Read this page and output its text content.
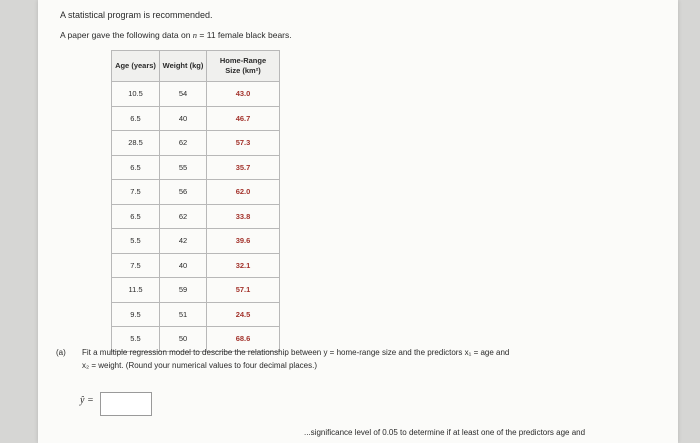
A statistical program is recommended.
A paper gave the following data on n = 11 female black bears.
Age (years)	Weight (kg)	Home-Range
Size (km²)
10.5	54	43.0
6.5	40	46.7
28.5	62	57.3
6.5	55	35.7
7.5	56	62.0
6.5	62	33.8
5.5	42	39.6
7.5	40	32.1
11.5	59	57.1
9.5	51	24.5
5.5	50	68.6
(a) Fit a multiple regression model to describe the relationship between y = home-range size and the predictors x₁ = age and
x₂ = weight. (Round your numerical values to four decimal places.)
ŷ =
...significance level of 0.05 to determine if at least one of the predictors age and
